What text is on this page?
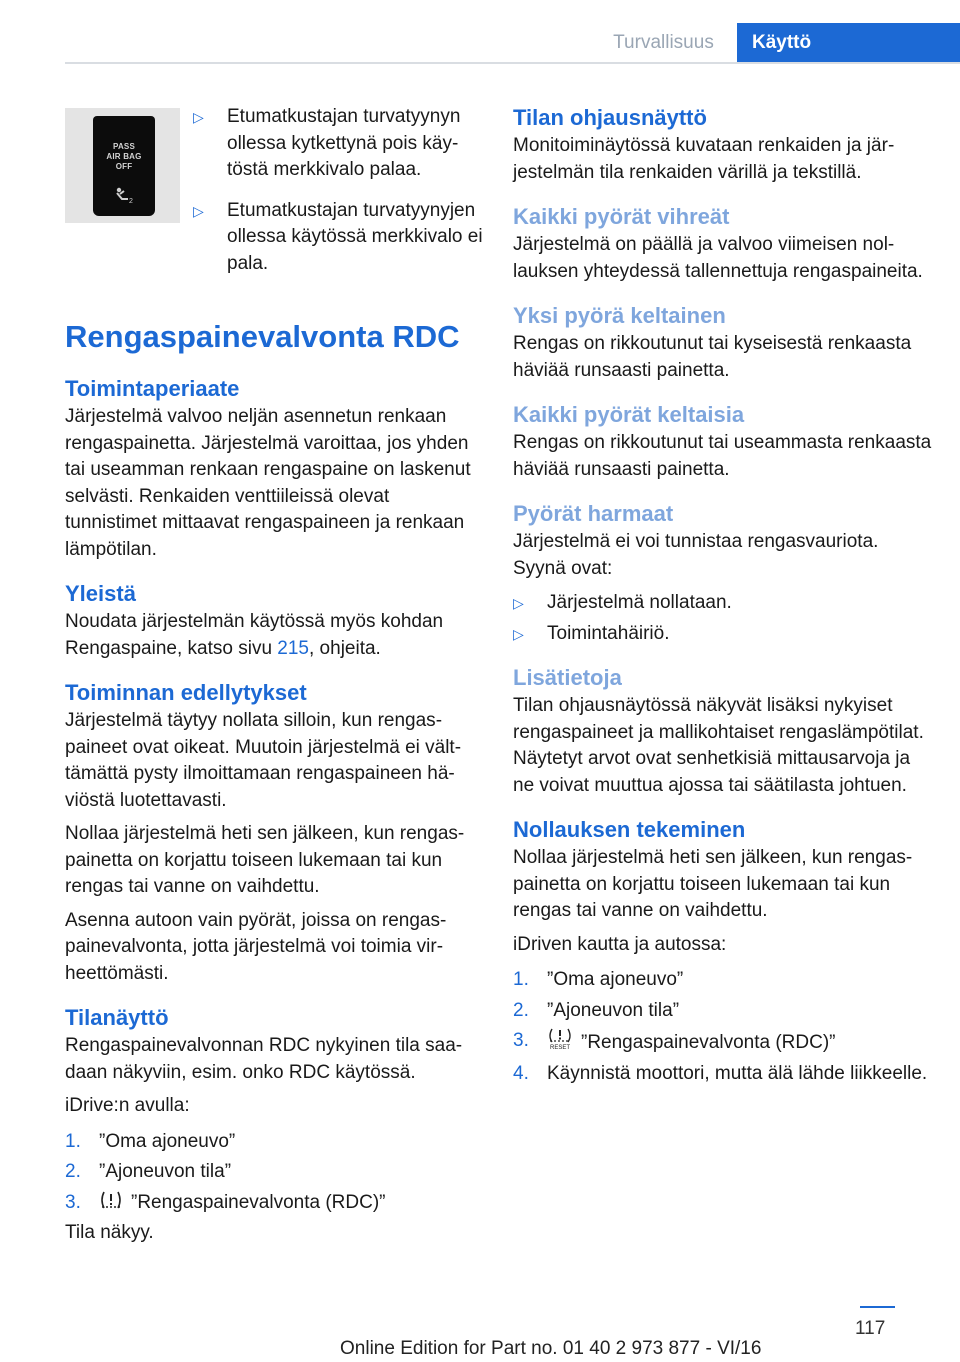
Turvallisuus	Käyttö
PASS
AIR BAG
OFF
2
▷ Etumatkustajan turvatyynyn ollessa kytkettynä pois käytöstä merkkivalo palaa.

▷ Etumatkustajan turvatyynyjen ollessa käytössä merkkivalo ei pala.

Rengaspainevalvonta RDC
Toimintaperiaate

Järjestelmä valvoo neljän asennetun renkaan rengaspainetta. Järjestelmä varoittaa, jos yhden tai useamman renkaan rengaspaine on laskenut selvästi. Renkaiden venttiileissä olevat tunnistimet mittaavat rengaspaineen ja renkaan lämpötilan.

Yleistä

Noudata järjestelmän käytössä myös kohdan Rengaspaine, katso sivu 215, ohjeita.

Toiminnan edellytykset

Järjestelmä täytyy nollata silloin, kun rengaspaineet ovat oikeat. Muutoin järjestelmä ei välttämättä pysty ilmoittamaan rengaspaineen häviöstä luotettavasti.

Nollaa järjestelmä heti sen jälkeen, kun rengaspainetta on korjattu toiseen lukemaan tai kun rengas tai vanne on vaihdettu.

Asenna autoon vain pyörät, joissa on rengaspainevalvonta, jotta järjestelmä voi toimia virheettömästi.

Tilanäyttö

Rengaspainevalvonnan RDC nykyinen tila saadaan näkyviin, esim. onko RDC käytössä.

iDrive:n avulla:

1. ”Oma ajoneuvo”

2. ”Ajoneuvon tila”

3.	”Rengaspainevalvonta (RDC)”

Tila näkyy.

Tilan ohjausnäyttö

Monitoiminäytössä kuvataan renkaiden ja järjestelmän tila renkaiden värillä ja tekstillä.

Kaikki pyörät vihreät

Järjestelmä on päällä ja valvoo viimeisen nollauksen yhteydessä tallennettuja rengaspaineita.

Yksi pyörä keltainen

Rengas on rikkoutunut tai kyseisestä renkaasta häviää runsaasti painetta.

Kaikki pyörät keltaisia

Rengas on rikkoutunut tai useammasta renkaasta häviää runsaasti painetta.

Pyörät harmaat

Järjestelmä ei voi tunnistaa rengasvauriota. Syynä ovat:

▷ Järjestelmä nollataan.

▷ Toimintahäiriö.

Lisätietoja

Tilan ohjausnäytössä näkyvät lisäksi nykyiset rengaspaineet ja mallikohtaiset rengaslämpötilat. Näytetyt arvot ovat senhetkisiä mittausarvoja ja ne voivat muuttua ajossa tai säätilasta johtuen.

Nollauksen tekeminen

Nollaa järjestelmä heti sen jälkeen, kun rengaspainetta on korjattu toiseen lukemaan tai kun rengas tai vanne on vaihdettu.

iDriven kautta ja autossa:

1. ”Oma ajoneuvo”

2. ”Ajoneuvon tila”

3.	RESET ”Rengaspainevalvonta (RDC)”

4. Käynnistä moottori, mutta älä lähde liikkeelle.

117
Online Edition for Part no. 01 40 2 973 877 - VI/16
